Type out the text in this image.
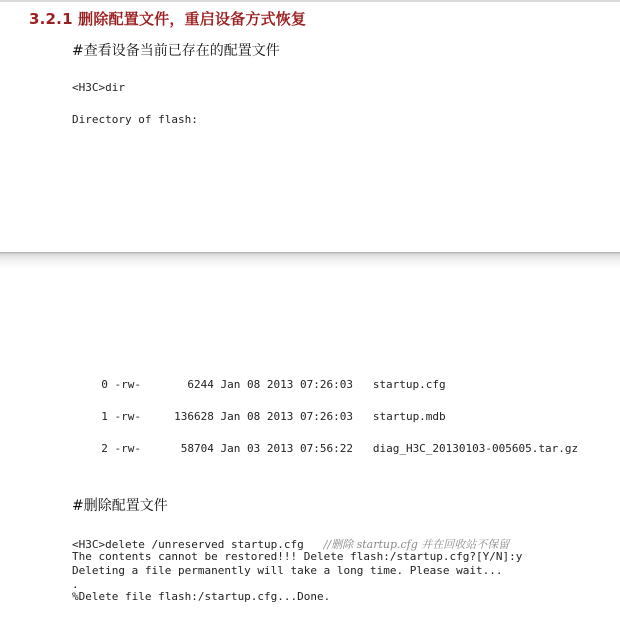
3.2.1 删除配置文件，重启设备方式恢复
#查看设备当前已存在的配置文件
<H3C>dir
Directory of flash:

0 -rw-	6244 Jan 08 2013 07:26:03 startup.cfg

1 -rw-	136628 Jan 08 2013 07:26:03 startup.mdb

2 -rw-	58704 Jan 03 2013 07:56:22 diag_H3C_20130103-005605.tar.gz

#删除配置文件
<H3C>delete /unreserved startup.cfg //删除 startup.cfg 并在回收站不保留
The contents cannot be restored!!! Delete flash:/startup.cfg?[Y/N]:y
Deleting a file permanently will take a long time. Please wait...
.
%Delete file flash:/startup.cfg...Done.
